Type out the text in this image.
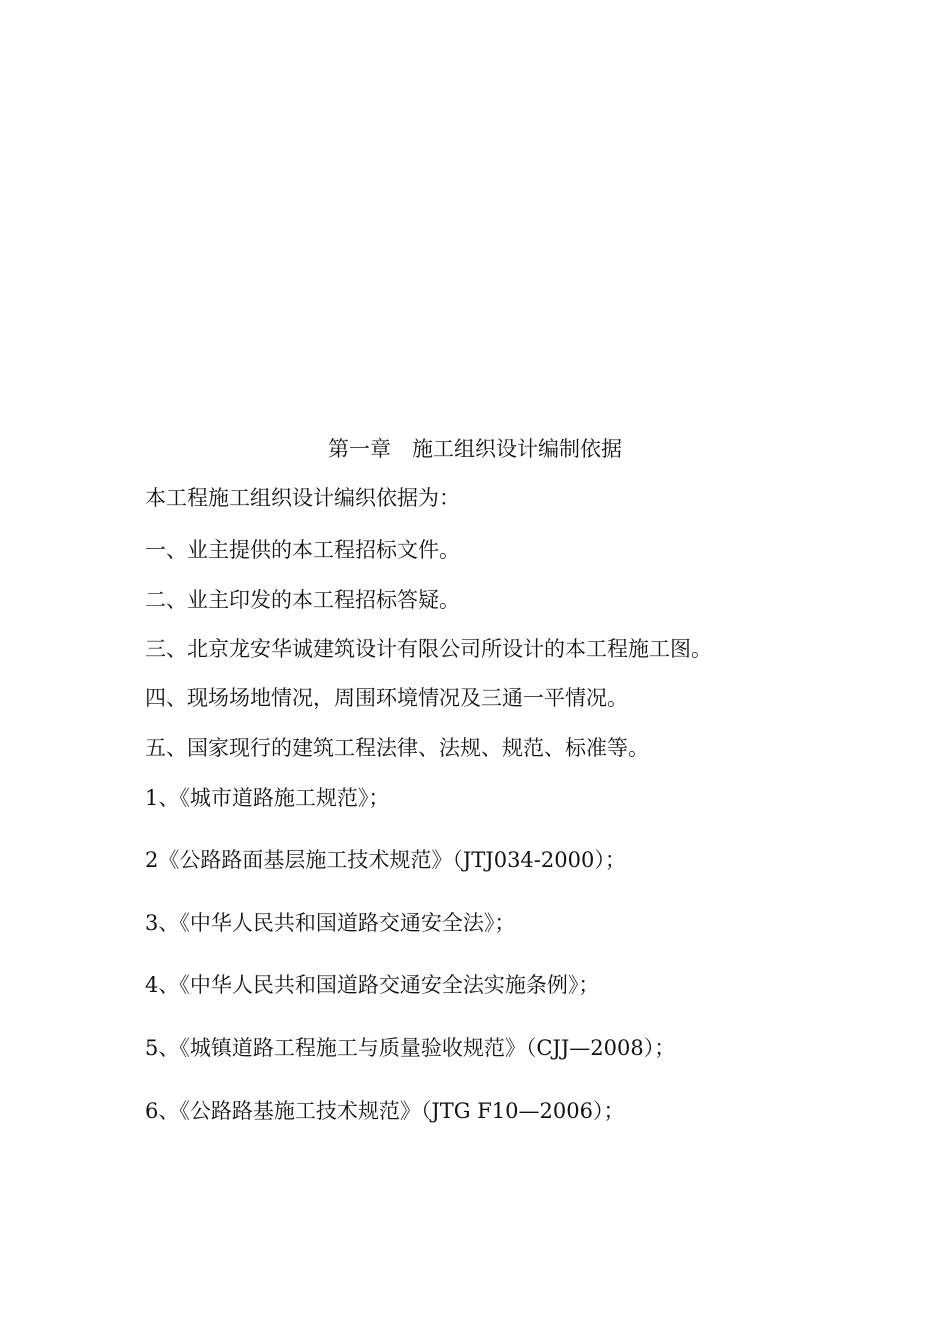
第一章　施工组织设计编制依据
本工程施工组织设计编织依据为：
一、业主提供的本工程招标文件。
二、业主印发的本工程招标答疑。
三、北京龙安华诚建筑设计有限公司所设计的本工程施工图。
四、现场场地情况，周围环境情况及三通一平情况。
五、国家现行的建筑工程法律、法规、规范、标准等。
1、《城市道路施工规范》；
2《公路路面基层施工技术规范》（JTJ034-2000）；
3、《中华人民共和国道路交通安全法》；
4、《中华人民共和国道路交通安全法实施条例》；
5、《城镇道路工程施工与质量验收规范》（CJJ—2008）；
6、《公路路基施工技术规范》（JTG F10—2006）；
